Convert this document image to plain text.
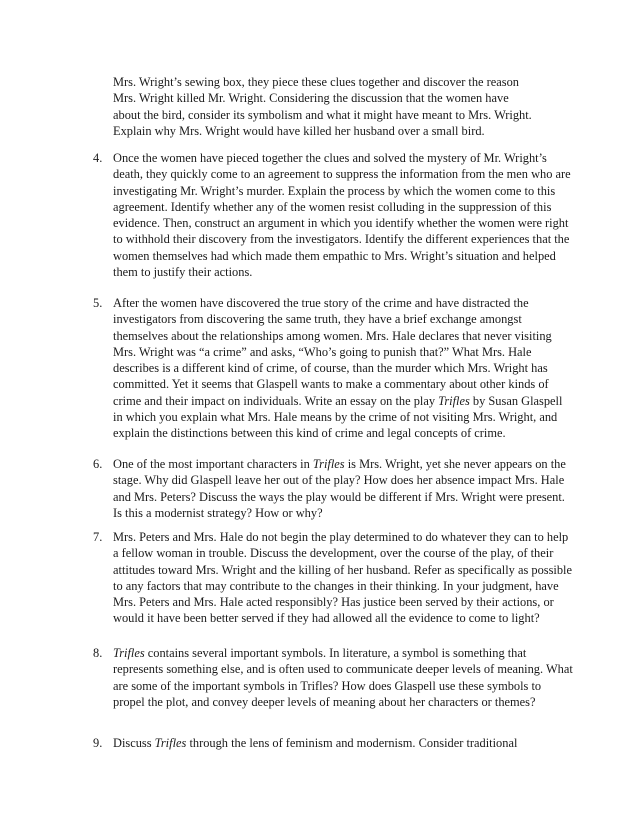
Mrs. Wright’s sewing box, they piece these clues together and discover the reason
Mrs. Wright killed Mr. Wright. Considering the discussion that the women have
about the bird, consider its symbolism and what it might have meant to Mrs. Wright.
Explain why Mrs. Wright would have killed her husband over a small bird.
4. Once the women have pieced together the clues and solved the mystery of Mr. Wright’s death, they quickly come to an agreement to suppress the information from the men who are investigating Mr. Wright’s murder. Explain the process by which the women come to this agreement. Identify whether any of the women resist colluding in the suppression of this evidence. Then, construct an argument in which you identify whether the women were right to withhold their discovery from the investigators. Identify the different experiences that the women themselves had which made them empathic to Mrs. Wright’s situation and helped them to justify their actions.
5. After the women have discovered the true story of the crime and have distracted the investigators from discovering the same truth, they have a brief exchange amongst themselves about the relationships among women. Mrs. Hale declares that never visiting Mrs. Wright was “a crime” and asks, “Who’s going to punish that?” What Mrs. Hale describes is a different kind of crime, of course, than the murder which Mrs. Wright has committed. Yet it seems that Glaspell wants to make a commentary about other kinds of crime and their impact on individuals. Write an essay on the play Trifles by Susan Glaspell in which you explain what Mrs. Hale means by the crime of not visiting Mrs. Wright, and explain the distinctions between this kind of crime and legal concepts of crime.
6. One of the most important characters in Trifles is Mrs. Wright, yet she never appears on the stage. Why did Glaspell leave her out of the play? How does her absence impact Mrs. Hale and Mrs. Peters? Discuss the ways the play would be different if Mrs. Wright were present. Is this a modernist strategy? How or why?
7. Mrs. Peters and Mrs. Hale do not begin the play determined to do whatever they can to help a fellow woman in trouble. Discuss the development, over the course of the play, of their attitudes toward Mrs. Wright and the killing of her husband. Refer as specifically as possible to any factors that may contribute to the changes in their thinking. In your judgment, have Mrs. Peters and Mrs. Hale acted responsibly? Has justice been served by their actions, or would it have been better served if they had allowed all the evidence to come to light?
8. Trifles contains several important symbols. In literature, a symbol is something that represents something else, and is often used to communicate deeper levels of meaning. What are some of the important symbols in Trifles? How does Glaspell use these symbols to propel the plot, and convey deeper levels of meaning about her characters or themes?
9. Discuss Trifles through the lens of feminism and modernism. Consider traditional
